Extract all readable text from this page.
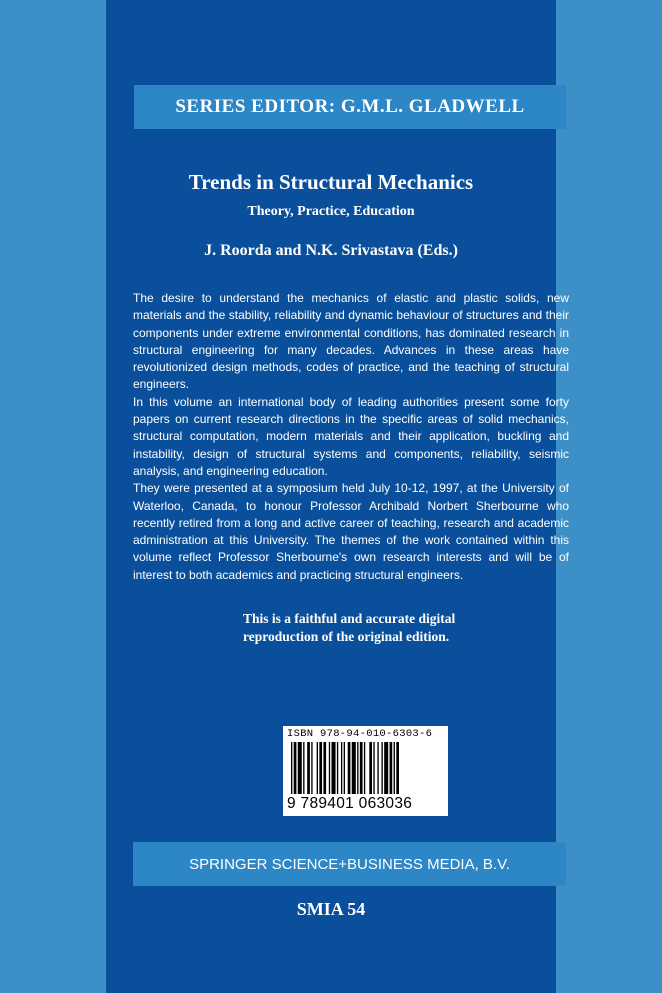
SERIES EDITOR: G.M.L. GLADWELL
Trends in Structural Mechanics
Theory, Practice, Education
J. Roorda and N.K. Srivastava (Eds.)

The desire to understand the mechanics of elastic and plastic solids, new materials and the stability, reliability and dynamic behaviour of structures and their components under extreme environmental conditions, has dominated research in structural engineering for many decades. Advances in these areas have revolutionized design methods, codes of practice, and the teaching of structural engineers.

In this volume an international body of leading authorities present some forty papers on current research directions in the specific areas of solid mechanics, structural computation, modern materials and their application, buckling and instability, design of structural systems and components, reliability, seismic analysis, and engineering education.

They were presented at a symposium held July 10-12, 1997, at the University of Waterloo, Canada, to honour Professor Archibald Norbert Sherbourne who recently retired from a long and active career of teaching, research and academic administration at this University. The themes of the work contained within this volume reflect Professor Sherbourne's own research interests and will be of interest to both academics and practicing structural engineers.

This is a faithful and accurate digital reproduction of the original edition.
ISBN 978-94-010-6303-6
9 789401 063036
SPRINGER SCIENCE+BUSINESS MEDIA, B.V.
SMIA 54
